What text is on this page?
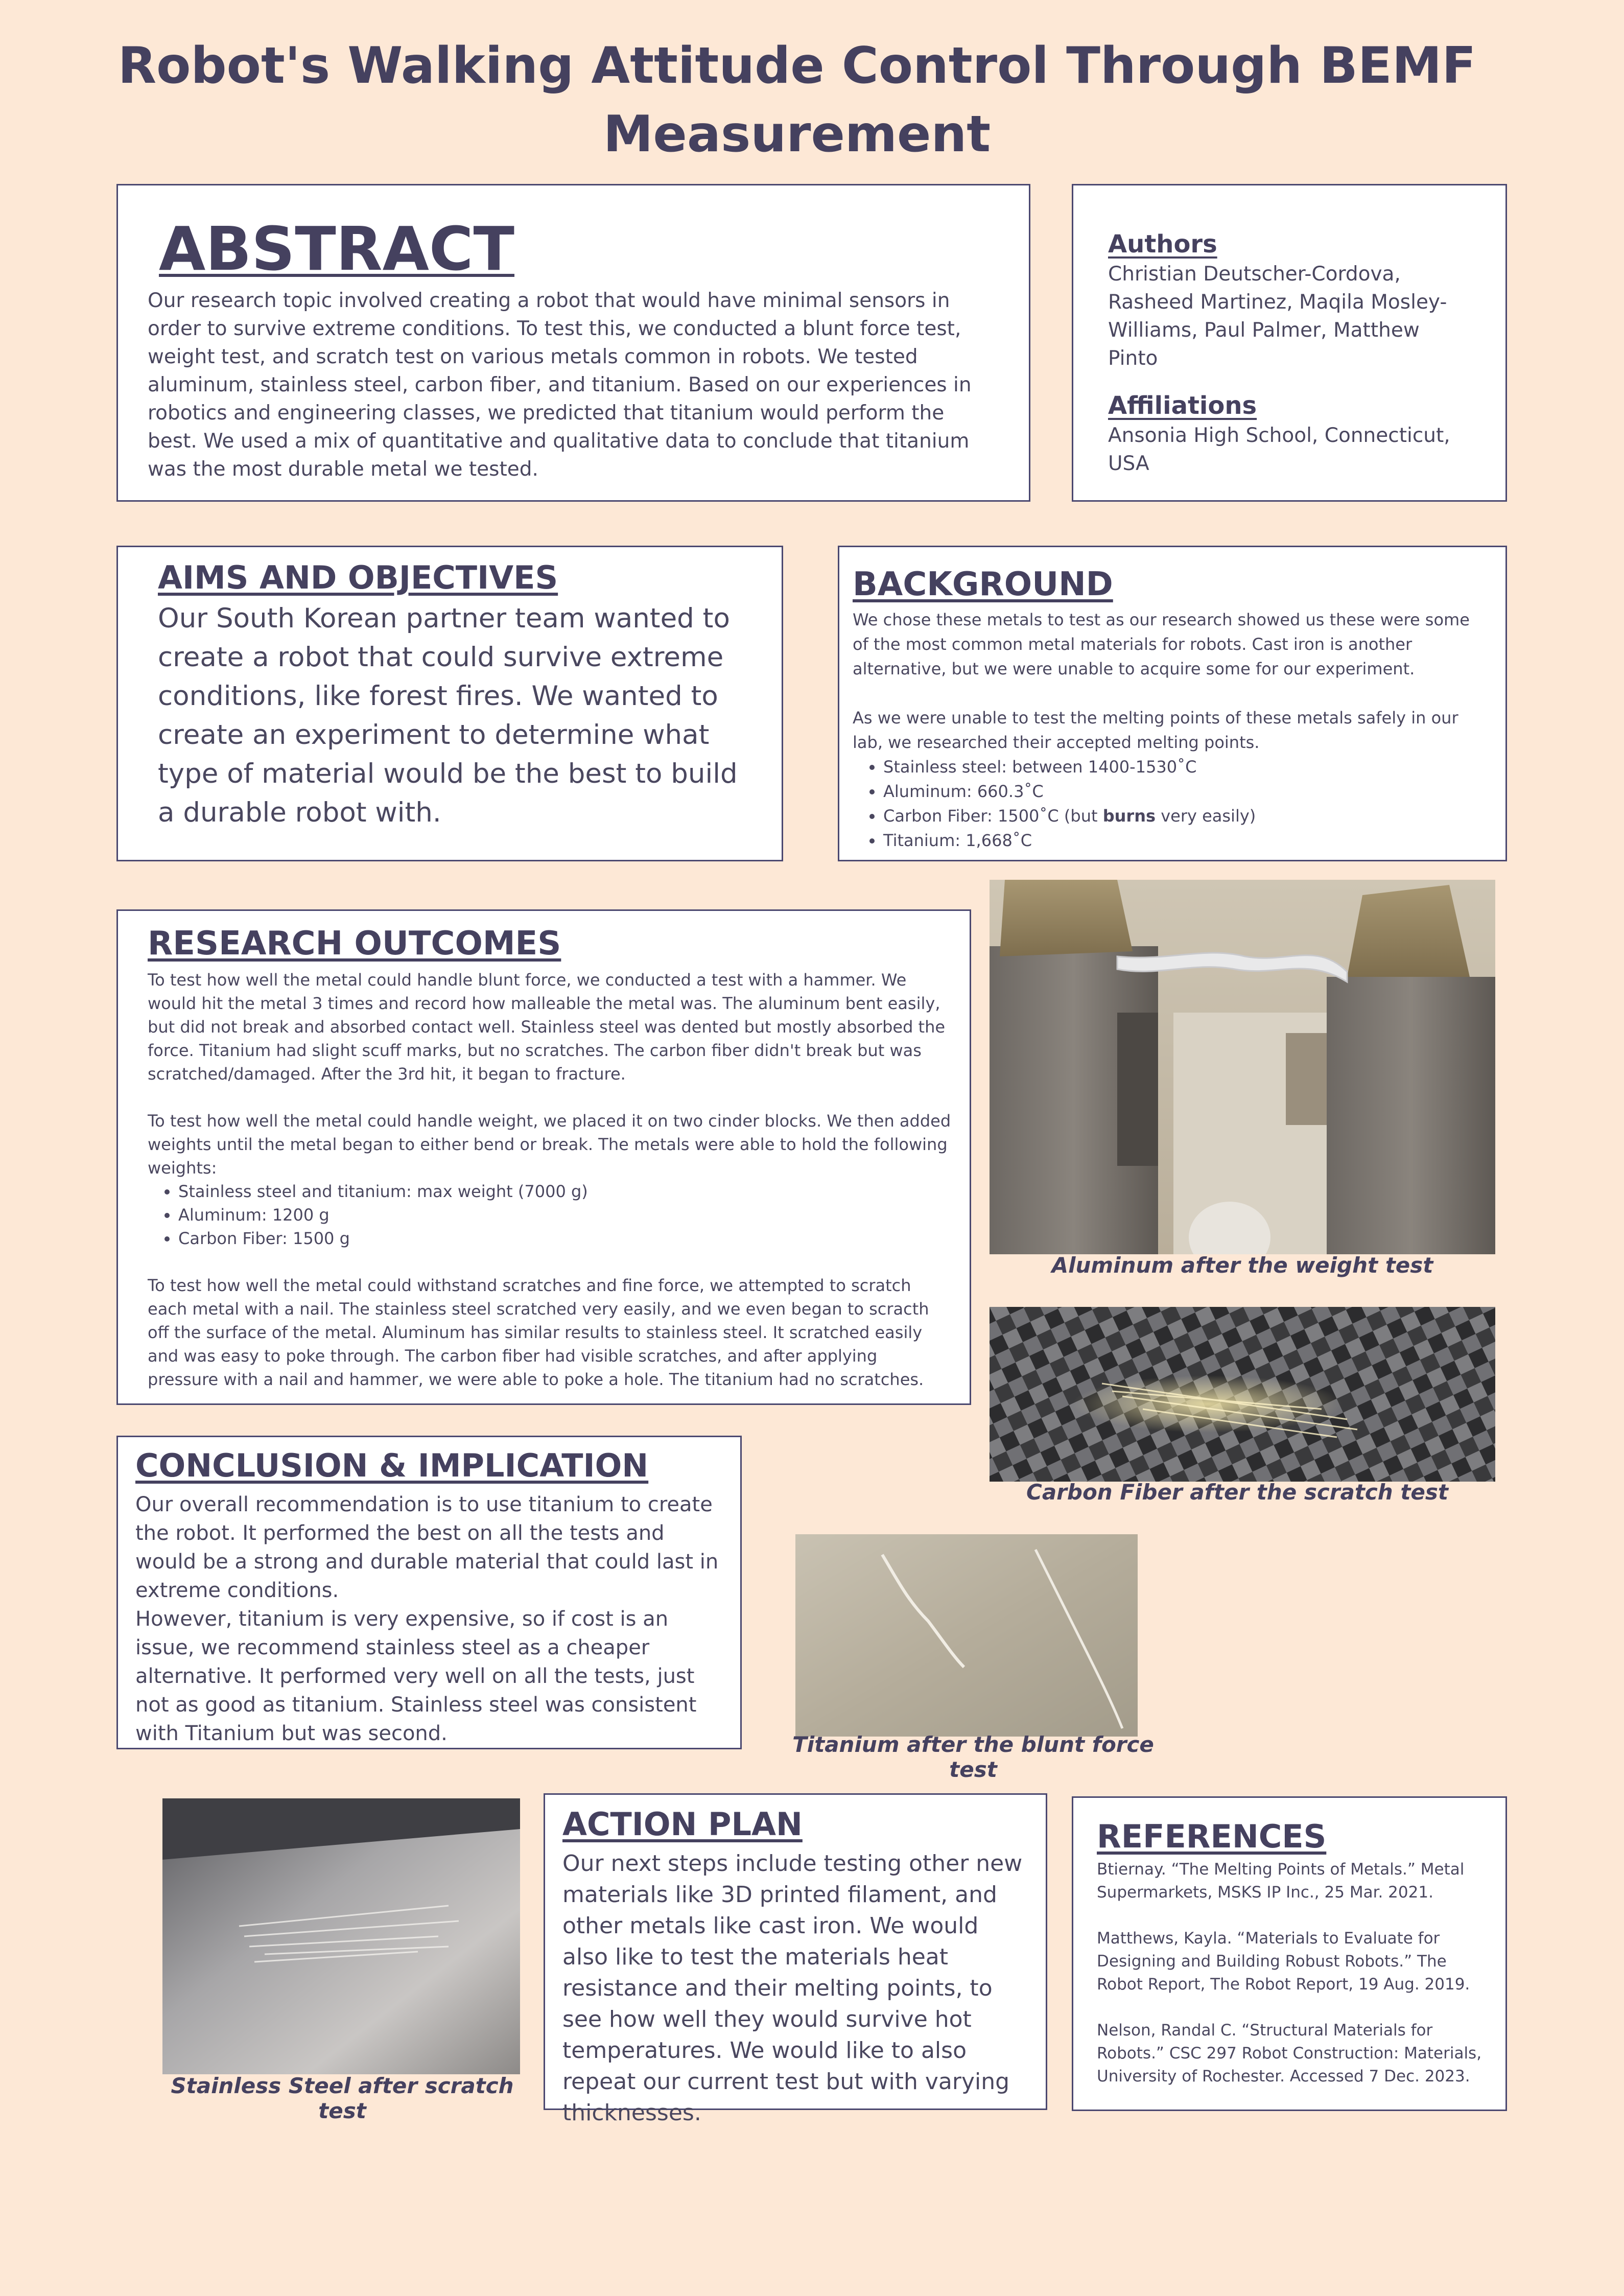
Robot's Walking Attitude Control Through BEMF Measurement
ABSTRACT

Our research topic involved creating a robot that would have minimal sensors in order to survive extreme conditions. To test this, we conducted a blunt force test, weight test, and scratch test on various metals common in robots. We tested aluminum, stainless steel, carbon fiber, and titanium. Based on our experiences in robotics and engineering classes, we predicted that titanium would perform the best. We used a mix of quantitative and qualitative data to conclude that titanium was the most durable metal we tested.

Authors

Christian Deutscher-Cordova, Rasheed Martinez, Maqila Mosley-Williams, Paul Palmer, Matthew Pinto

Affiliations

Ansonia High School, Connecticut, USA

AIMS AND OBJECTIVES

Our South Korean partner team wanted to create a robot that could survive extreme conditions, like forest fires. We wanted to create an experiment to determine what type of material would be the best to build a durable robot with.

BACKGROUND

We chose these metals to test as our research showed us these were some of the most common metal materials for robots. Cast iron is another alternative, but we were unable to acquire some for our experiment.

As we were unable to test the melting points of these metals safely in our lab, we researched their accepted melting points.

• Stainless steel: between 1400-1530˚C
• Aluminum: 660.3˚C
• Carbon Fiber: 1500˚C (but burns very easily)
• Titanium: 1,668˚C
RESEARCH OUTCOMES

To test how well the metal could handle blunt force, we conducted a test with a hammer. We would hit the metal 3 times and record how malleable the metal was. The aluminum bent easily, but did not break and absorbed contact well. Stainless steel was dented but mostly absorbed the force. Titanium had slight scuff marks, but no scratches. The carbon fiber didn't break but was scratched/damaged. After the 3rd hit, it began to fracture.

To test how well the metal could handle weight, we placed it on two cinder blocks. We then added weights until the metal began to either bend or break. The metals were able to hold the following weights:

• Stainless steel and titanium: max weight (7000 g)
• Aluminum: 1200 g
• Carbon Fiber: 1500 g

To test how well the metal could withstand scratches and fine force, we attempted to scratch each metal with a nail. The stainless steel scratched very easily, and we even began to scracth off the surface of the metal. Aluminum has similar results to stainless steel. It scratched easily and was easy to poke through. The carbon fiber had visible scratches, and after applying pressure with a nail and hammer, we were able to poke a hole. The titanium had no scratches.

CONCLUSION & IMPLICATION

Our overall recommendation is to use titanium to create the robot. It performed the best on all the tests and would be a strong and durable material that could last in extreme conditions.

However, titanium is very expensive, so if cost is an issue, we recommend stainless steel as a cheaper alternative. It performed very well on all the tests, just not as good as titanium. Stainless steel was consistent with Titanium but was second.

Aluminum after the weight test
Carbon Fiber after the scratch test
Titanium after the blunt force test
Stainless Steel after scratch test
ACTION PLAN

Our next steps include testing other new materials like 3D printed filament, and other metals like cast iron. We would also like to test the materials heat resistance and their melting points, to see how well they would survive hot temperatures. We would like to also repeat our current test but with varying thicknesses.

REFERENCES

Btiernay. “The Melting Points of Metals.” Metal Supermarkets, MSKS IP Inc., 25 Mar. 2021.

Matthews, Kayla. “Materials to Evaluate for Designing and Building Robust Robots.” The Robot Report, The Robot Report, 19 Aug. 2019.

Nelson, Randal C. “Structural Materials for Robots.” CSC 297 Robot Construction: Materials, University of Rochester. Accessed 7 Dec. 2023.
